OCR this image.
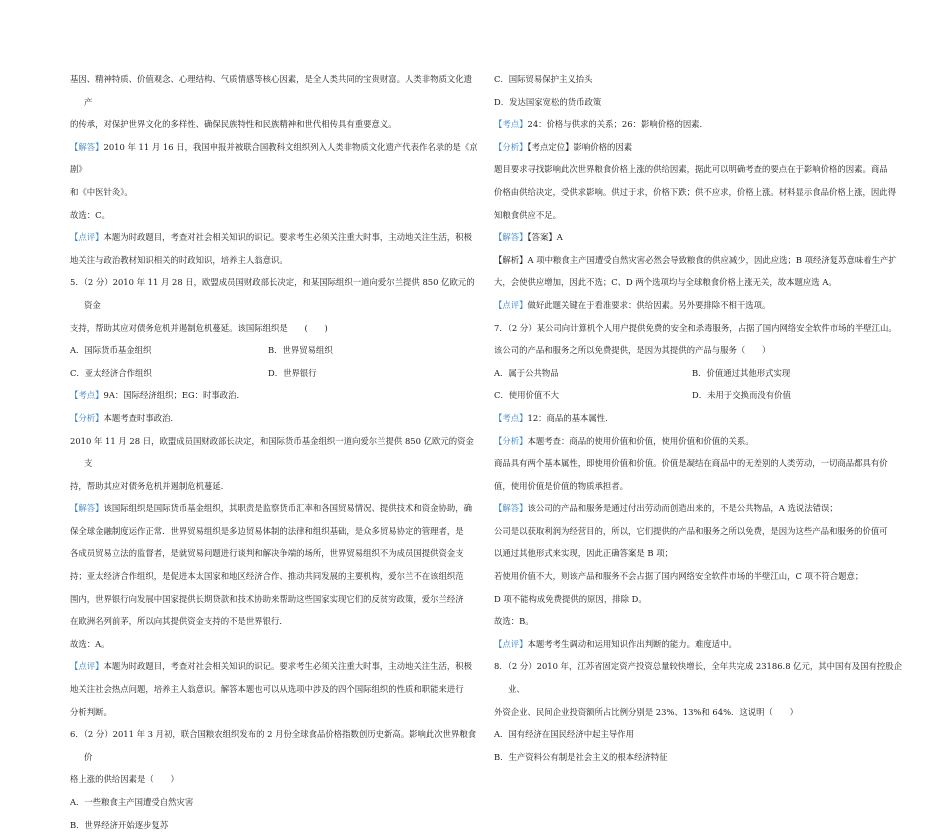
基因、精神特质、价值观念、心理结构、气质情感等核心因素，是全人类共同的宝贵财富。人类非物质文化遗产
的传承，对保护世界文化的多样性、确保民族特性和民族精神和世代相传具有重要意义。
【解答】2010 年 11 月 16 日，我国申报并被联合国教科文组织列入人类非物质文化遗产代表作名录的是《京剧》
和《中医针灸》。
故选：C。
【点评】本题为时政题目，考查对社会相关知识的识记。要求考生必须关注重大时事，主动地关注生活，积极
地关注与政治教材知识相关的时政知识，培养主人翁意识。
5．（2 分）2010 年 11 月 28 日，欧盟成员国财政部长决定，和某国际组织一道向爱尔兰提供 850 亿欧元的资金
支持，帮助其应对债务危机并遏制危机蔓延。该国际组织是　　(　　)
A．国际货币基金组织	B．世界贸易组织
C．亚太经济合作组织	D．世界银行
【考点】9A：国际经济组织；EG：时事政治．
【分析】本题考查时事政治．
2010 年 11 月 28 日，欧盟成员国财政部长决定，和国际货币基金组织一道向爱尔兰提供 850 亿欧元的资金支
持，帮助其应对债务危机并遏制危机蔓延．
【解答】该国际组织是国际货币基金组织，其职责是监察货币汇率和各国贸易情况、提供技术和资金协助，确
保全球金融制度运作正常．世界贸易组织是多边贸易体制的法律和组织基础，是众多贸易协定的管理者，是
各成员贸易立法的监督者，是就贸易问题进行谈判和解决争端的场所，世界贸易组织不为成员国提供资金支
持；亚太经济合作组织，是促进本太国家和地区经济合作、推动共同发展的主要机构，爱尔兰不在该组织范
围内，世界银行向发展中国家提供长期贷款和技术协助来帮助这些国家实现它们的反贫穷政策，爱尔兰经济
在欧洲名列前茅，所以向其提供资金支持的不是世界银行．
故选：A。
【点评】本题为时政题目，考查对社会相关知识的识记。要求考生必须关注重大时事，主动地关注生活，积极
地关注社会热点问题，培养主人翁意识。解答本题也可以从选项中涉及的四个国际组织的性质和职能来进行
分析判断。
6．（2 分）2011 年 3 月初，联合国粮农组织发布的 2 月份全球食品价格指数创历史新高。影响此次世界粮食价
格上涨的供给因素是（　　）
A．一些粮食主产国遭受自然灾害
B．世界经济开始逐步复苏
C．国际贸易保护主义抬头
D．发达国家宽松的货币政策
【考点】24：价格与供求的关系；26：影响价格的因素．
【分析】【考点定位】影响价格的因素
题目要求寻找影响此次世界粮食价格上涨的供给因素，据此可以明确考查的要点在于影响价格的因素。商品
价格由供给决定，受供求影响。供过于求，价格下跌；供不应求，价格上涨。材料显示食品价格上涨，因此得
知粮食供应不足。
【解答】【答案】A
【解析】A 项中粮食主产国遭受自然灾害必然会导致粮食的供应减少，因此应选；B 项经济复苏意味着生产扩
大，会使供应增加，因此不选；C、D 两个选项均与全球粮食价格上涨无关，故本题应选 A。
【点评】做好此题关键在于看准要求：供给因素。另外要排除不相干选项。
7．（2 分）某公司向计算机个人用户提供免费的安全和杀毒服务，占据了国内网络安全软件市场的半壁江山。
该公司的产品和服务之所以免费提供，是因为其提供的产品与服务（　　）
A．属于公共物品	B．价值通过其他形式实现
C．使用价值不大	D．未用于交换而没有价值
【考点】12：商品的基本属性．
【分析】本题考查：商品的使用价值和价值，使用价值和价值的关系。
商品具有两个基本属性，即使用价值和价值。价值是凝结在商品中的无差别的人类劳动，一切商品都具有价
值，使用价值是价值的物质承担者。
【解答】该公司的产品和服务是通过付出劳动而创造出来的，不是公共物品，A 选说法错误；
公司是以获取利润为经营目的，所以，它们提供的产品和服务之所以免费，是因为这些产品和服务的价值可
以通过其他形式来实现，因此正确答案是 B 项；
若使用价值不大，则该产品和服务不会占据了国内网络安全软件市场的半壁江山，C 项不符合题意；
D 项不能构成免费提供的原因，排除 D。
故选：B。
【点评】本题考考生调动和运用知识作出判断的能力。难度适中。
8．（2 分）2010 年，江苏省固定资产投资总量较快增长，全年共完成 23186.8 亿元，其中国有及国有控股企业、
外资企业、民间企业投资额所占比例分别是 23%、13%和 64%．这说明（　　）
A．国有经济在国民经济中起主导作用
B．生产资料公有制是社会主义的根本经济特征
